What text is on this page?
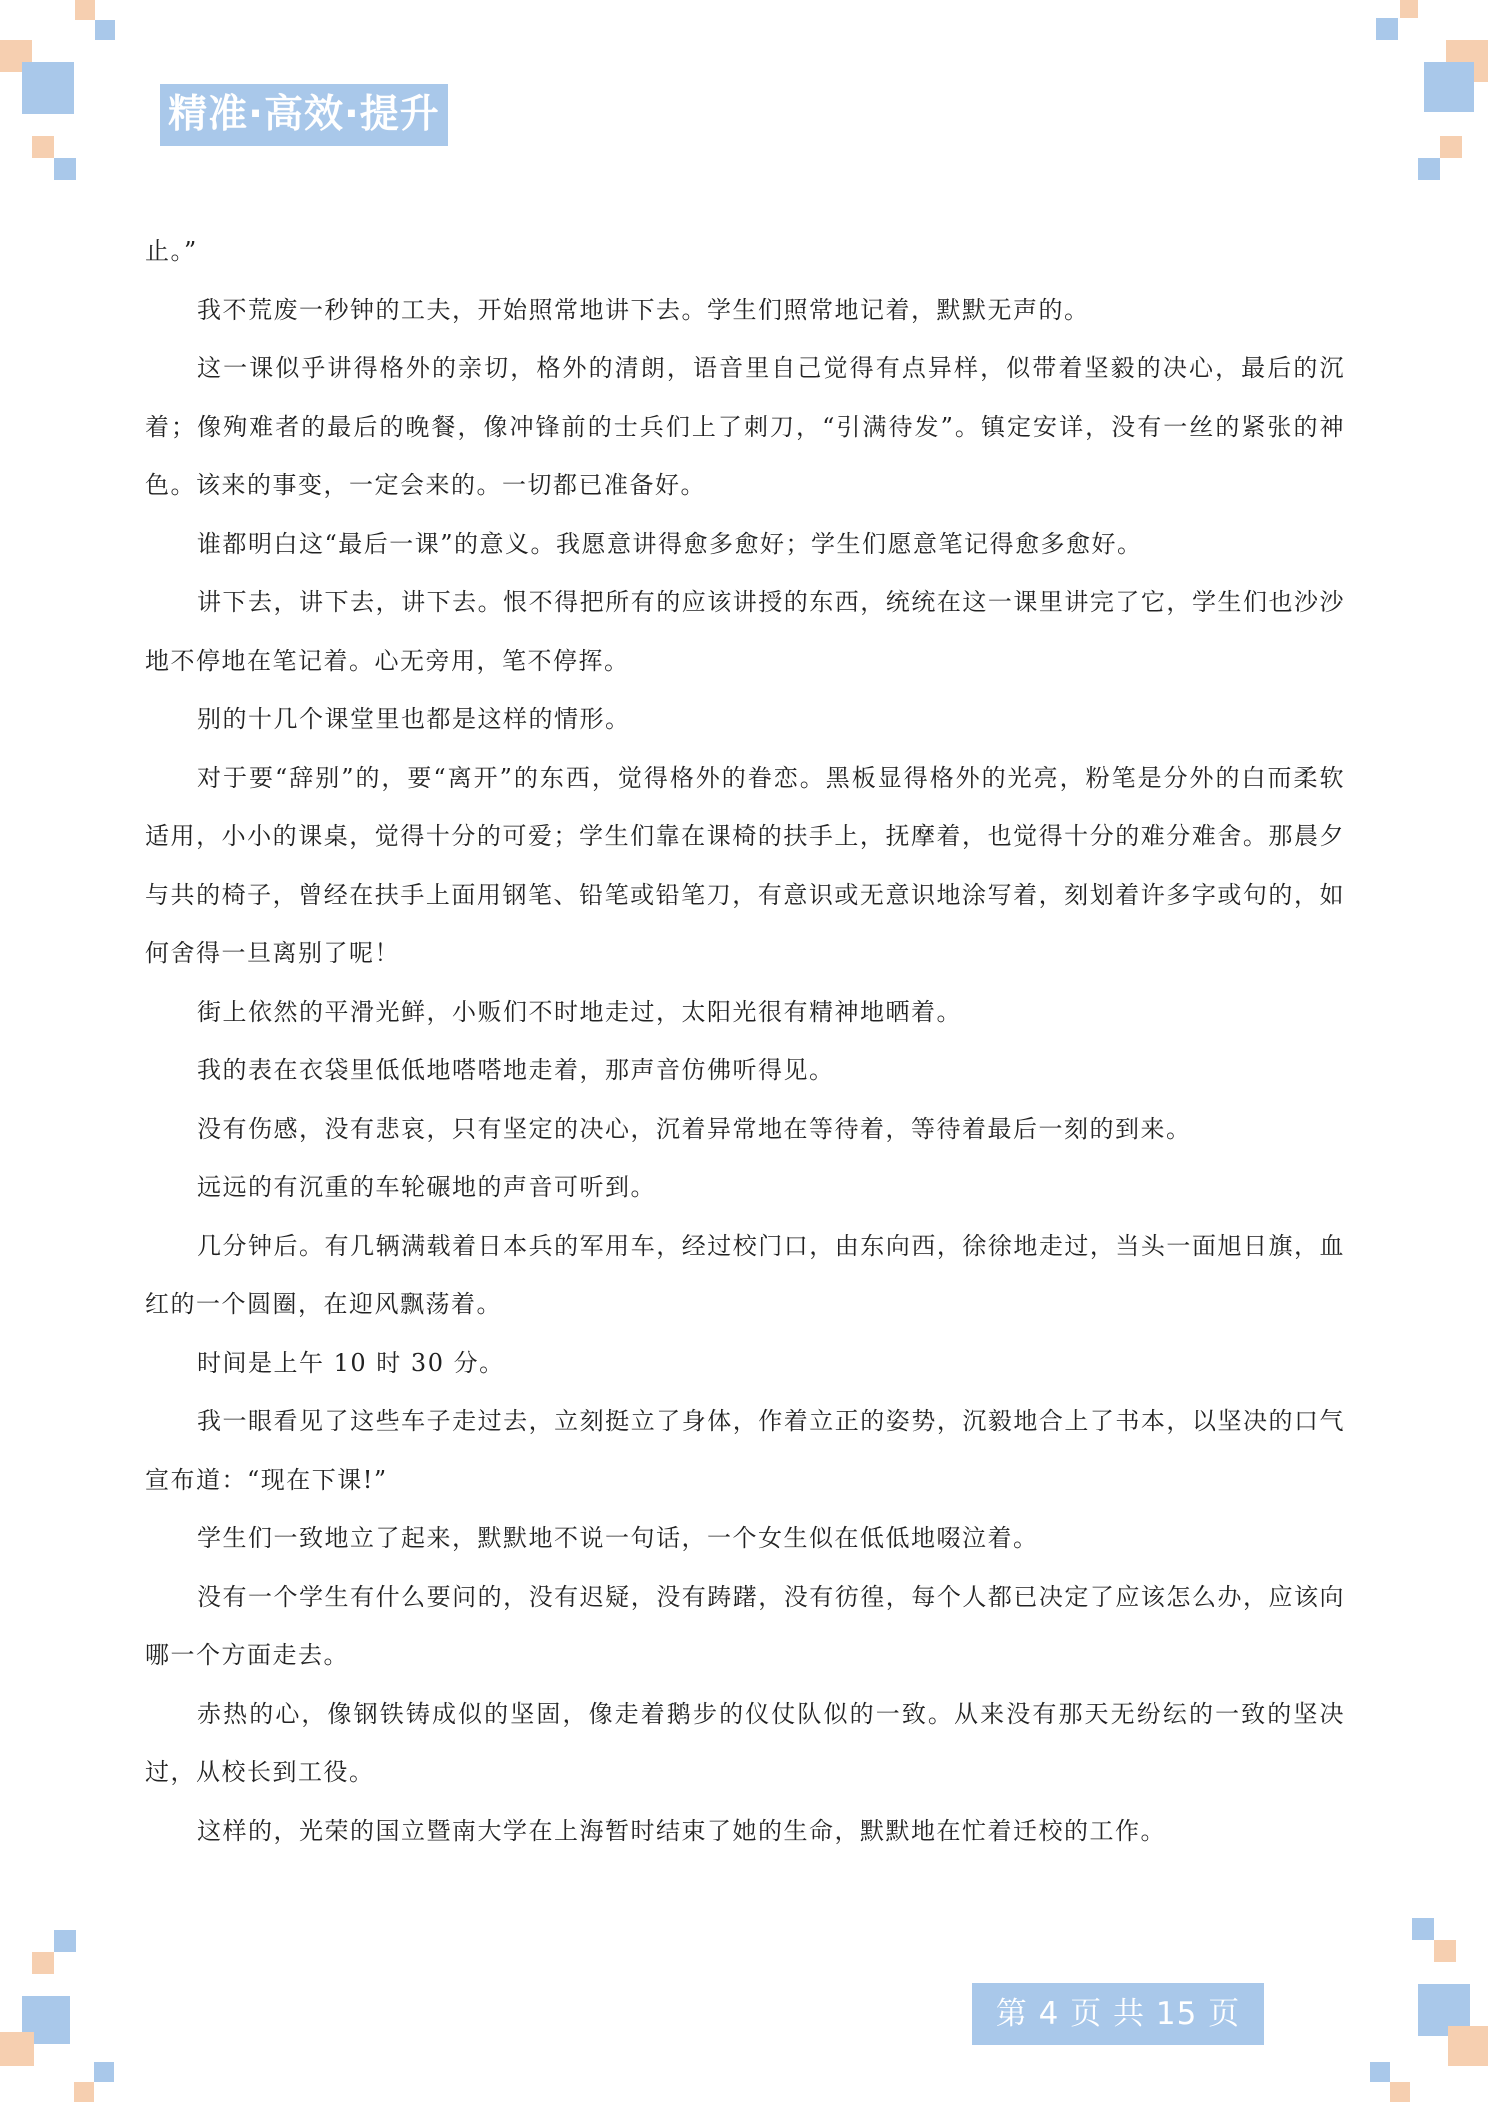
精准·高效·提升

止。”

我不荒废一秒钟的工夫，开始照常地讲下去。学生们照常地记着，默默无声的。

这一课似乎讲得格外的亲切，格外的清朗，语音里自己觉得有点异样，似带着坚毅的决心，最后的沉着；像殉难者的最后的晚餐，像冲锋前的士兵们上了刺刀，“引满待发”。镇定安详，没有一丝的紧张的神色。该来的事变，一定会来的。一切都已准备好。

谁都明白这“最后一课”的意义。我愿意讲得愈多愈好；学生们愿意笔记得愈多愈好。

讲下去，讲下去，讲下去。恨不得把所有的应该讲授的东西，统统在这一课里讲完了它，学生们也沙沙地不停地在笔记着。心无旁用，笔不停挥。

别的十几个课堂里也都是这样的情形。

对于要“辞别”的，要“离开”的东西，觉得格外的眷恋。黑板显得格外的光亮，粉笔是分外的白而柔软适用，小小的课桌，觉得十分的可爱；学生们靠在课椅的扶手上，抚摩着，也觉得十分的难分难舍。那晨夕与共的椅子，曾经在扶手上面用钢笔、铅笔或铅笔刀，有意识或无意识地涂写着，刻划着许多字或句的，如何舍得一旦离别了呢！

街上依然的平滑光鲜，小贩们不时地走过，太阳光很有精神地晒着。

我的表在衣袋里低低地嗒嗒地走着，那声音仿佛听得见。

没有伤感，没有悲哀，只有坚定的决心，沉着异常地在等待着，等待着最后一刻的到来。

远远的有沉重的车轮碾地的声音可听到。

几分钟后。有几辆满载着日本兵的军用车，经过校门口，由东向西，徐徐地走过，当头一面旭日旗，血红的一个圆圈，在迎风飘荡着。

时间是上午 10 时 30 分。

我一眼看见了这些车子走过去，立刻挺立了身体，作着立正的姿势，沉毅地合上了书本，以坚决的口气宣布道：“现在下课!”

学生们一致地立了起来，默默地不说一句话，一个女生似在低低地啜泣着。

没有一个学生有什么要问的，没有迟疑，没有踌躇，没有彷徨，每个人都已决定了应该怎么办，应该向哪一个方面走去。

赤热的心，像钢铁铸成似的坚固，像走着鹅步的仪仗队似的一致。从来没有那天无纷纭的一致的坚决过，从校长到工役。

这样的，光荣的国立暨南大学在上海暂时结束了她的生命，默默地在忙着迁校的工作。

第 4 页 共 15 页
